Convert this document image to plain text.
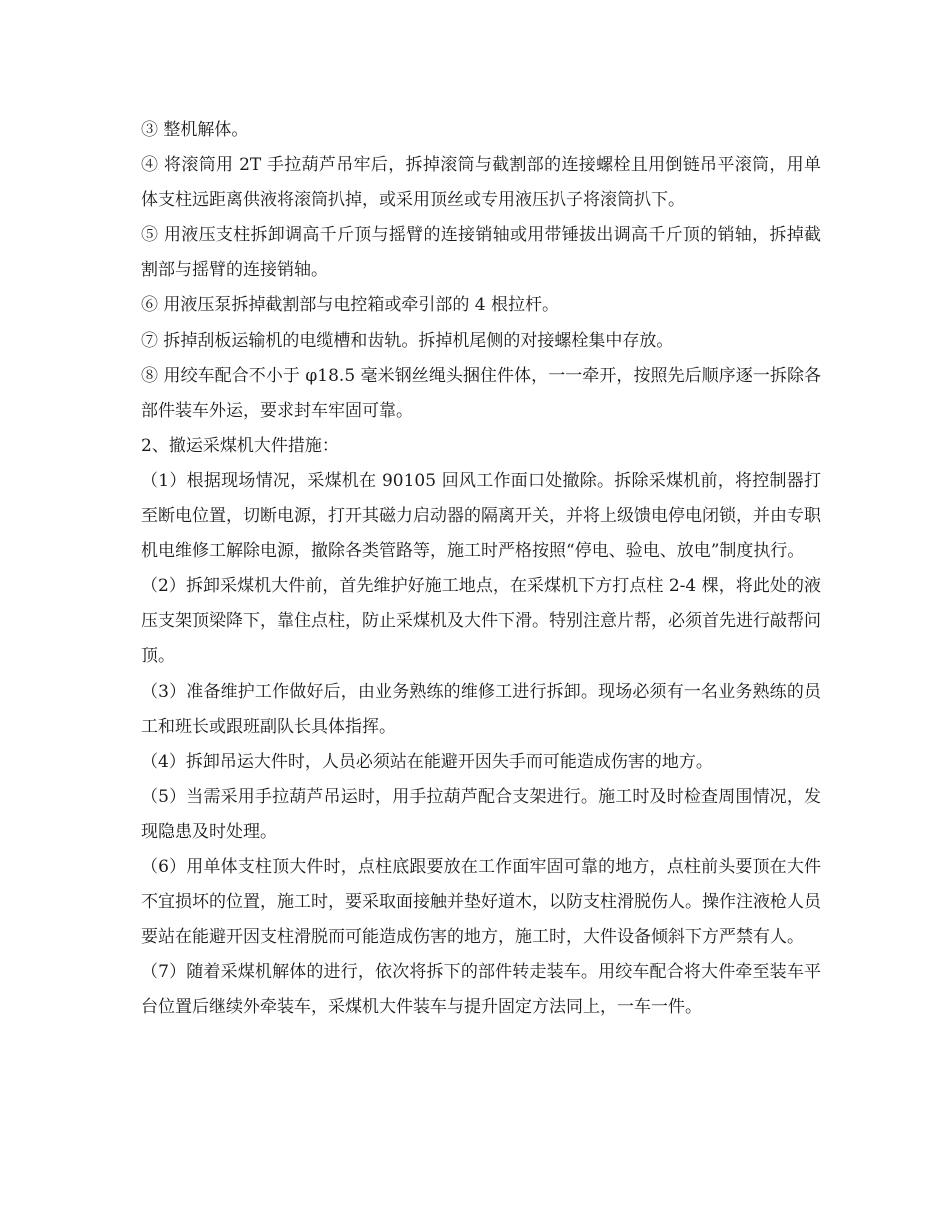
③ 整机解体。

④ 将滚筒用 2T 手拉葫芦吊牢后，拆掉滚筒与截割部的连接螺栓且用倒链吊平滚筒，用单体支柱远距离供液将滚筒扒掉，或采用顶丝或专用液压扒子将滚筒扒下。

⑤ 用液压支柱拆卸调高千斤顶与摇臂的连接销轴或用带锤拔出调高千斤顶的销轴，拆掉截割部与摇臂的连接销轴。

⑥ 用液压泵拆掉截割部与电控箱或牵引部的 4 根拉杆。

⑦ 拆掉刮板运输机的电缆槽和齿轨。拆掉机尾侧的对接螺栓集中存放。

⑧ 用绞车配合不小于 φ18.5 毫米钢丝绳头捆住件体，一一牵开，按照先后顺序逐一拆除各部件装车外运，要求封车牢固可靠。

2、撤运采煤机大件措施：

（1）根据现场情况，采煤机在 90105 回风工作面口处撤除。拆除采煤机前，将控制器打至断电位置，切断电源，打开其磁力启动器的隔离开关，并将上级馈电停电闭锁，并由专职机电维修工解除电源，撤除各类管路等，施工时严格按照“停电、验电、放电”制度执行。

（2）拆卸采煤机大件前，首先维护好施工地点，在采煤机下方打点柱 2-4 棵，将此处的液压支架顶梁降下，靠住点柱，防止采煤机及大件下滑。特别注意片帮，必须首先进行敲帮问顶。

（3）准备维护工作做好后，由业务熟练的维修工进行拆卸。现场必须有一名业务熟练的员工和班长或跟班副队长具体指挥。

（4）拆卸吊运大件时，人员必须站在能避开因失手而可能造成伤害的地方。

（5）当需采用手拉葫芦吊运时，用手拉葫芦配合支架进行。施工时及时检查周围情况，发现隐患及时处理。

（6）用单体支柱顶大件时，点柱底跟要放在工作面牢固可靠的地方，点柱前头要顶在大件不宜损坏的位置，施工时，要采取面接触并垫好道木，以防支柱滑脱伤人。操作注液枪人员要站在能避开因支柱滑脱而可能造成伤害的地方，施工时，大件设备倾斜下方严禁有人。

（7）随着采煤机解体的进行，依次将拆下的部件转走装车。用绞车配合将大件牵至装车平台位置后继续外牵装车，采煤机大件装车与提升固定方法同上，一车一件。
